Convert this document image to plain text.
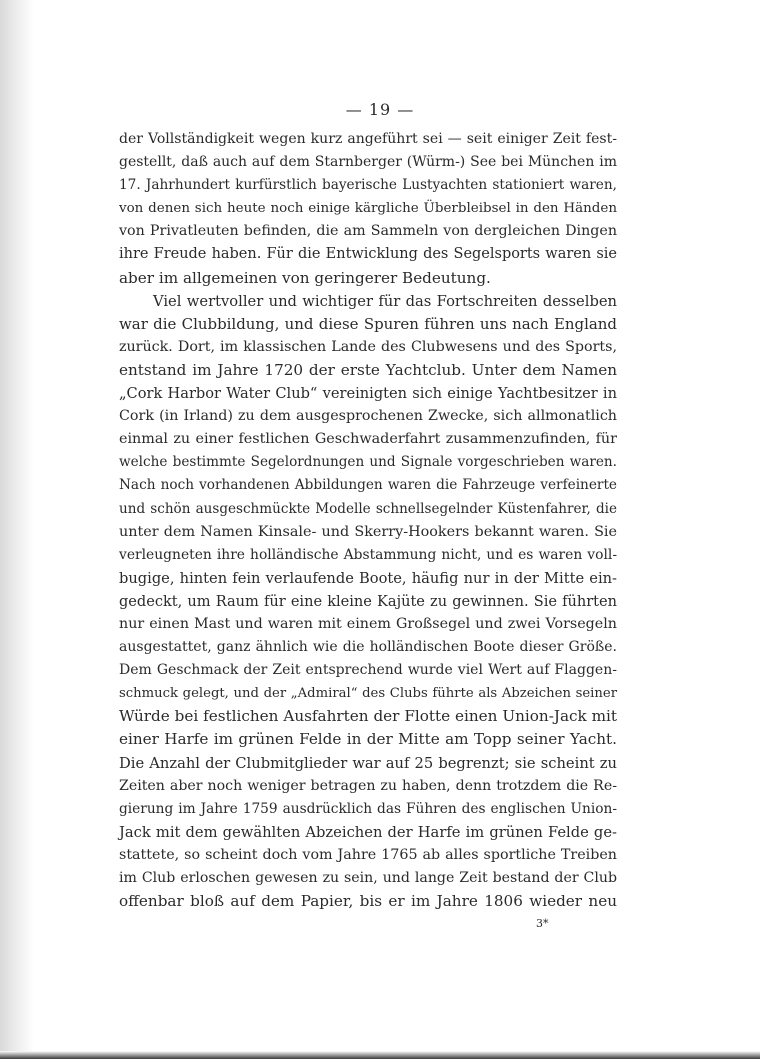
— 19 —
der Vollständigkeit wegen kurz angeführt sei — seit einiger Zeit fest-
gestellt, daß auch auf dem Starnberger (Würm-) See bei München im
17. Jahrhundert kurfürstlich bayerische Lustyachten stationiert waren,
von denen sich heute noch einige kärgliche Überbleibsel in den Händen
von Privatleuten befinden, die am Sammeln von dergleichen Dingen
ihre Freude haben. Für die Entwicklung des Segelsports waren sie
aber im allgemeinen von geringerer Bedeutung.
Viel wertvoller und wichtiger für das Fortschreiten desselben
war die Clubbildung, und diese Spuren führen uns nach England
zurück. Dort, im klassischen Lande des Clubwesens und des Sports,
entstand im Jahre 1720 der erste Yachtclub. Unter dem Namen
„Cork Harbor Water Club“ vereinigten sich einige Yachtbesitzer in
Cork (in Irland) zu dem ausgesprochenen Zwecke, sich allmonatlich
einmal zu einer festlichen Geschwaderfahrt zusammenzufinden, für
welche bestimmte Segelordnungen und Signale vorgeschrieben waren.
Nach noch vorhandenen Abbildungen waren die Fahrzeuge verfeinerte
und schön ausgeschmückte Modelle schnellsegelnder Küstenfahrer, die
unter dem Namen Kinsale- und Skerry-Hookers bekannt waren. Sie
verleugneten ihre holländische Abstammung nicht, und es waren voll-
bugige, hinten fein verlaufende Boote, häufig nur in der Mitte ein-
gedeckt, um Raum für eine kleine Kajüte zu gewinnen. Sie führten
nur einen Mast und waren mit einem Großsegel und zwei Vorsegeln
ausgestattet, ganz ähnlich wie die holländischen Boote dieser Größe.
Dem Geschmack der Zeit entsprechend wurde viel Wert auf Flaggen-
schmuck gelegt, und der „Admiral“ des Clubs führte als Abzeichen seiner
Würde bei festlichen Ausfahrten der Flotte einen Union-Jack mit
einer Harfe im grünen Felde in der Mitte am Topp seiner Yacht.
Die Anzahl der Clubmitglieder war auf 25 begrenzt; sie scheint zu
Zeiten aber noch weniger betragen zu haben, denn trotzdem die Re-
gierung im Jahre 1759 ausdrücklich das Führen des englischen Union-
Jack mit dem gewählten Abzeichen der Harfe im grünen Felde ge-
stattete, so scheint doch vom Jahre 1765 ab alles sportliche Treiben
im Club erloschen gewesen zu sein, und lange Zeit bestand der Club
offenbar bloß auf dem Papier, bis er im Jahre 1806 wieder neu
3*
